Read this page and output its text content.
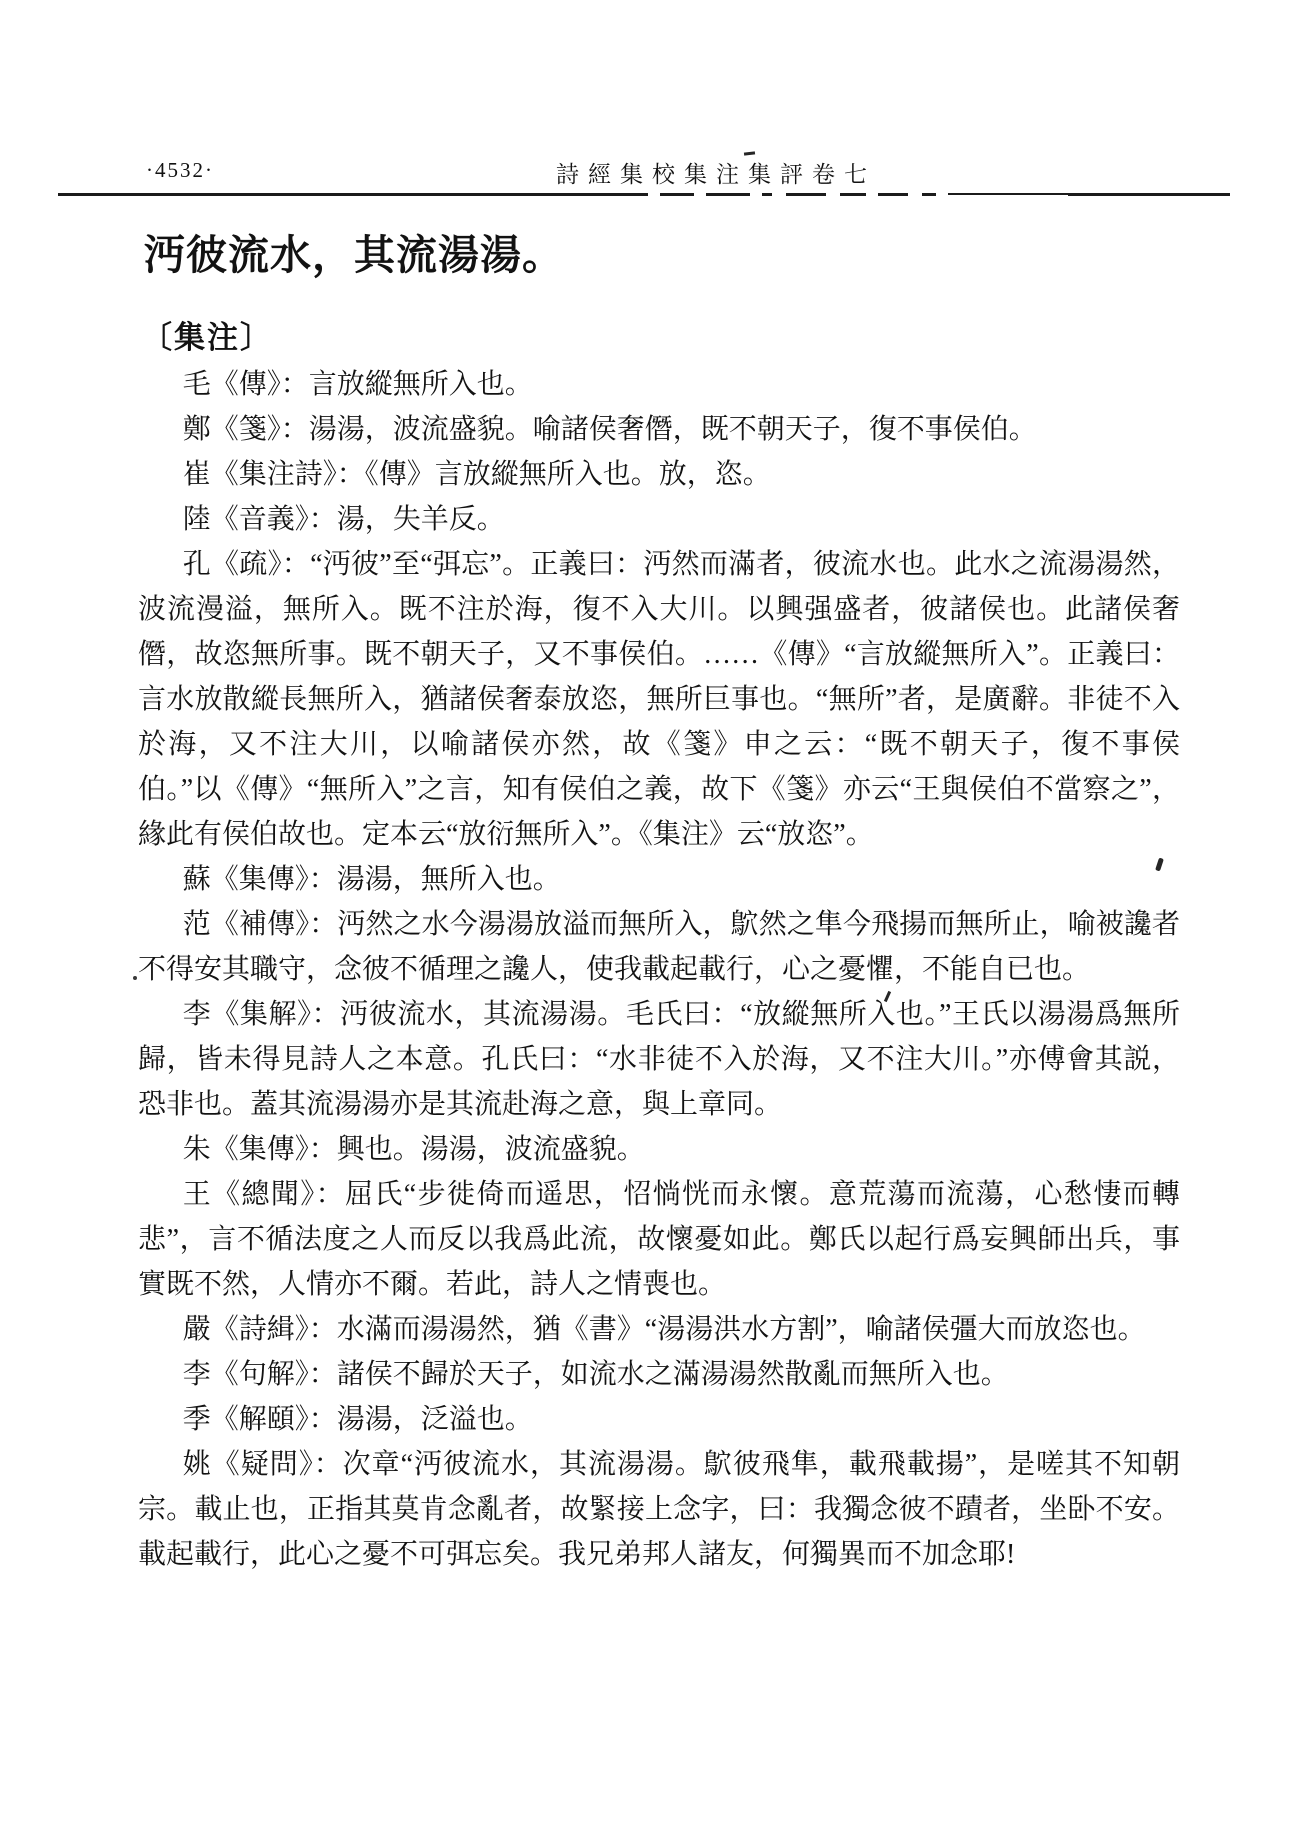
·4532·	詩經集校集注集評卷七
沔彼流水，其流湯湯。
〔集注〕

毛《傳》：言放縱無所入也。

鄭《箋》：湯湯，波流盛貌。喻諸侯奢僭，既不朝天子，復不事侯伯。

崔《集注詩》：《傳》言放縱無所入也。放，恣。

陸《音義》：湯，失羊反。

孔《疏》：“沔彼”至“弭忘”。正義曰：沔然而滿者，彼流水也。此水之流湯湯然，波流漫溢，無所入。既不注於海，復不入大川。以興强盛者，彼諸侯也。此諸侯奢僭，故恣無所事。既不朝天子，又不事侯伯。……《傳》“言放縱無所入”。正義曰：言水放散縱長無所入，猶諸侯奢泰放恣，無所巨事也。“無所”者，是廣辭。非徒不入於海，又不注大川，以喻諸侯亦然，故《箋》申之云：“既不朝天子，復不事侯伯。”以《傳》“無所入”之言，知有侯伯之義，故下《箋》亦云“王與侯伯不當察之”，緣此有侯伯故也。定本云“放衍無所入”。《集注》云“放恣”。

蘇《集傳》：湯湯，無所入也。

范《補傳》：沔然之水今湯湯放溢而無所入，鴥然之隼今飛揚而無所止，喻被讒者不得安其職守，念彼不循理之讒人，使我載起載行，心之憂懼，不能自已也。

李《集解》：沔彼流水，其流湯湯。毛氏曰：“放縱無所入也。”王氏以湯湯爲無所歸，皆未得見詩人之本意。孔氏曰：“水非徒不入於海，又不注大川。”亦傅會其説，恐非也。蓋其流湯湯亦是其流赴海之意，與上章同。

朱《集傳》：興也。湯湯，波流盛貌。

王《總聞》：屈氏“步徙倚而遥思，怊惝恍而永懷。意荒蕩而流蕩，心愁悽而轉悲”，言不循法度之人而反以我爲此流，故懷憂如此。鄭氏以起行爲妄興師出兵，事實既不然，人情亦不爾。若此，詩人之情喪也。

嚴《詩緝》：水滿而湯湯然，猶《書》“湯湯洪水方割”，喻諸侯彊大而放恣也。

李《句解》：諸侯不歸於天子，如流水之滿湯湯然散亂而無所入也。

季《解頤》：湯湯，泛溢也。

姚《疑問》：次章“沔彼流水，其流湯湯。鴥彼飛隼，載飛載揚”，是嗟其不知朝宗。載止也，正指其莫肯念亂者，故緊接上念字，曰：我獨念彼不蹟者，坐卧不安。載起載行，此心之憂不可弭忘矣。我兄弟邦人諸友，何獨異而不加念耶!
